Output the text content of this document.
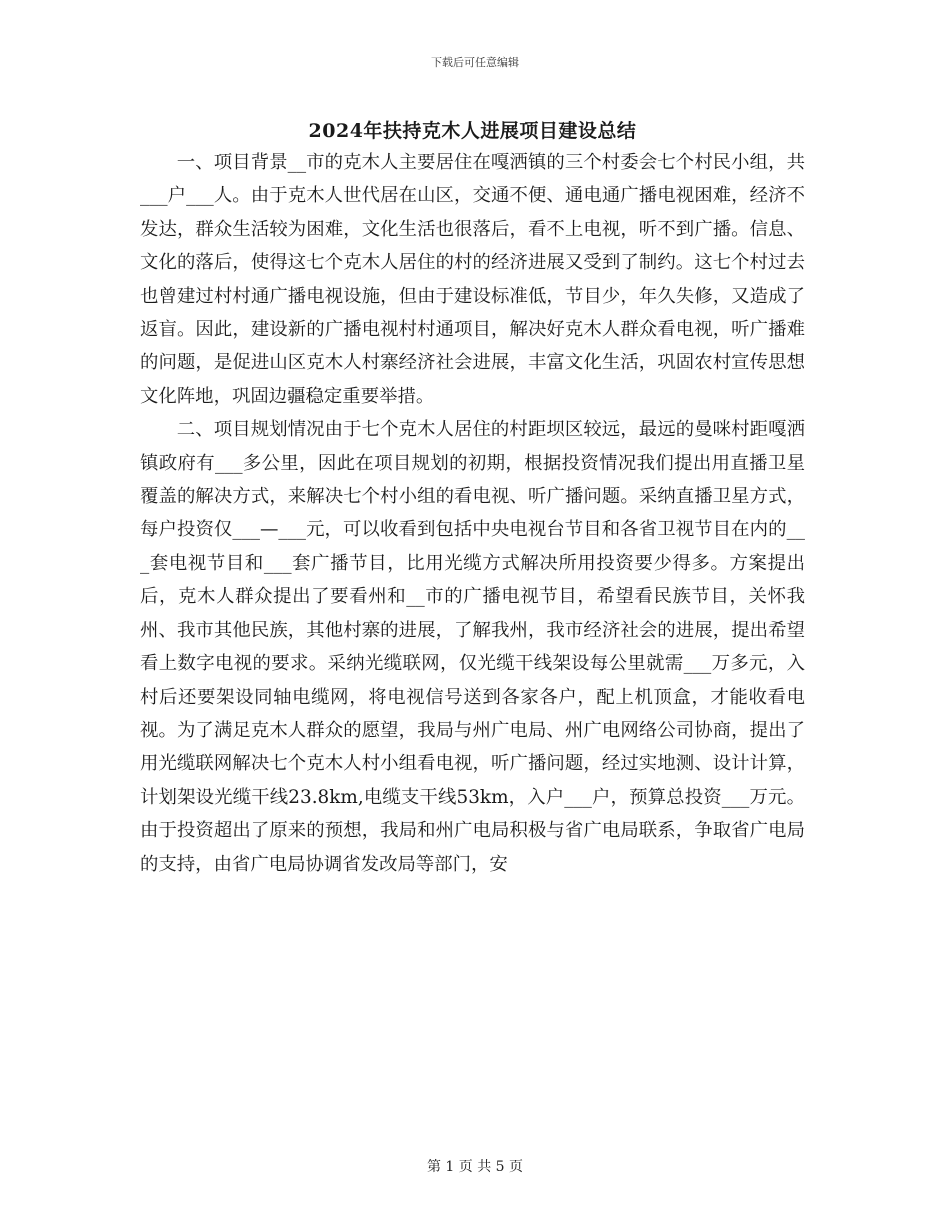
下载后可任意编辑
2024年扶持克木人进展项目建设总结

一、项目背景__市的克木人主要居住在嘎洒镇的三个村委会七个村民小组，共___户___人。由于克木人世代居在山区，交通不便、通电通广播电视困难，经济不发达，群众生活较为困难，文化生活也很落后，看不上电视，听不到广播。信息、文化的落后，使得这七个克木人居住的村的经济进展又受到了制约。这七个村过去也曾建过村村通广播电视设施，但由于建设标准低，节目少，年久失修，又造成了返盲。因此，建设新的广播电视村村通项目，解决好克木人群众看电视，听广播难的问题，是促进山区克木人村寨经济社会进展，丰富文化生活，巩固农村宣传思想文化阵地，巩固边疆稳定重要举措。

二、项目规划情况由于七个克木人居住的村距坝区较远，最远的曼咪村距嘎洒镇政府有___多公里，因此在项目规划的初期，根据投资情况我们提出用直播卫星覆盖的解决方式，来解决七个村小组的看电视、听广播问题。采纳直播卫星方式，每户投资仅___—___元，可以收看到包括中央电视台节目和各省卫视节目在内的___套电视节目和___套广播节目，比用光缆方式解决所用投资要少得多。方案提出后，克木人群众提出了要看州和__市的广播电视节目，希望看民族节目，关怀我州、我市其他民族，其他村寨的进展，了解我州，我市经济社会的进展，提出希望看上数字电视的要求。采纳光缆联网，仅光缆干线架设每公里就需___万多元，入村后还要架设同轴电缆网，将电视信号送到各家各户，配上机顶盒，才能收看电视。为了满足克木人群众的愿望，我局与州广电局、州广电网络公司协商，提出了用光缆联网解决七个克木人村小组看电视，听广播问题，经过实地测、设计计算，计划架设光缆干线23.8km,电缆支干线53km，入户___户，预算总投资___万元。由于投资超出了原来的预想，我局和州广电局积极与省广电局联系，争取省广电局的支持，由省广电局协调省发改局等部门，安

第 1 页 共 5 页
